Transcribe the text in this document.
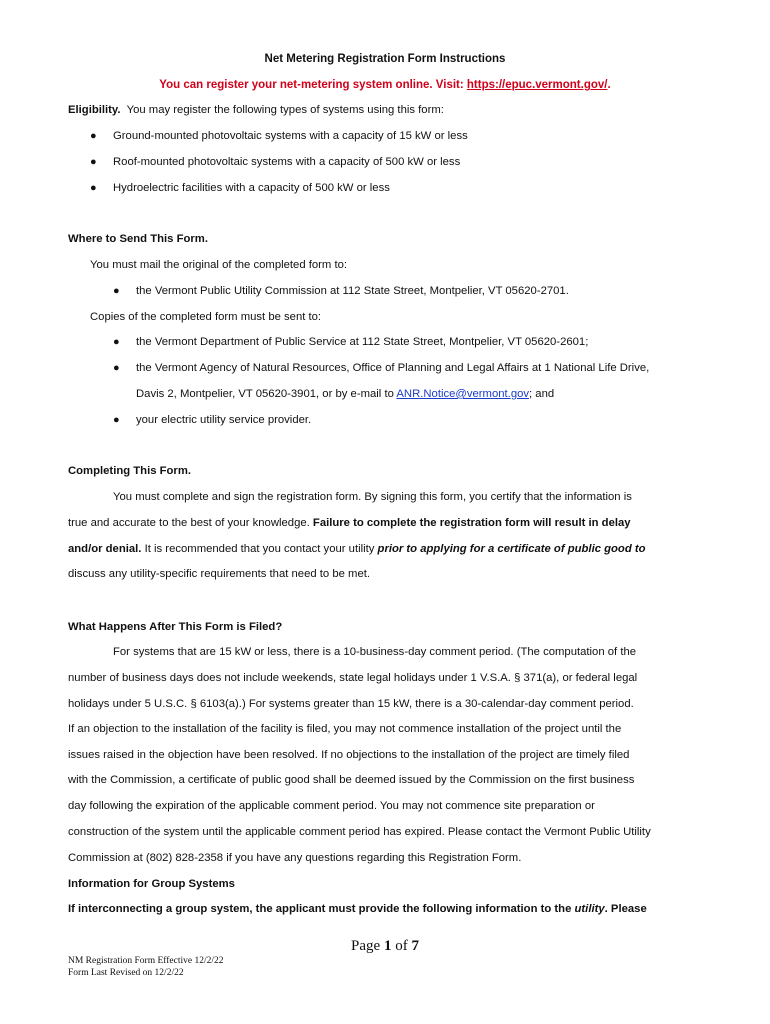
Net Metering Registration Form Instructions
You can register your net-metering system online. Visit: https://epuc.vermont.gov/.
Eligibility. You may register the following types of systems using this form:
● Ground-mounted photovoltaic systems with a capacity of 15 kW or less
● Roof-mounted photovoltaic systems with a capacity of 500 kW or less
● Hydroelectric facilities with a capacity of 500 kW or less
Where to Send This Form.
You must mail the original of the completed form to:
● the Vermont Public Utility Commission at 112 State Street, Montpelier, VT 05620-2701.
Copies of the completed form must be sent to:
● the Vermont Department of Public Service at 112 State Street, Montpelier, VT 05620-2601;
● the Vermont Agency of Natural Resources, Office of Planning and Legal Affairs at 1 National Life Drive,
Davis 2, Montpelier, VT 05620-3901, or by e-mail to ANR.Notice@vermont.gov; and
● your electric utility service provider.
Completing This Form.
You must complete and sign the registration form. By signing this form, you certify that the information is
true and accurate to the best of your knowledge. Failure to complete the registration form will result in delay
and/or denial. It is recommended that you contact your utility prior to applying for a certificate of public good to
discuss any utility-specific requirements that need to be met.
What Happens After This Form is Filed?
For systems that are 15 kW or less, there is a 10-business-day comment period. (The computation of the
number of business days does not include weekends, state legal holidays under 1 V.S.A. § 371(a), or federal legal
holidays under 5 U.S.C. § 6103(a).) For systems greater than 15 kW, there is a 30-calendar-day comment period.
If an objection to the installation of the facility is filed, you may not commence installation of the project until the
issues raised in the objection have been resolved. If no objections to the installation of the project are timely filed
with the Commission, a certificate of public good shall be deemed issued by the Commission on the first business
day following the expiration of the applicable comment period. You may not commence site preparation or
construction of the system until the applicable comment period has expired. Please contact the Vermont Public Utility
Commission at (802) 828-2358 if you have any questions regarding this Registration Form.
Information for Group Systems
If interconnecting a group system, the applicant must provide the following information to the utility. Please
Page 1 of 7
NM Registration Form Effective 12/2/22
Form Last Revised on 12/2/22
